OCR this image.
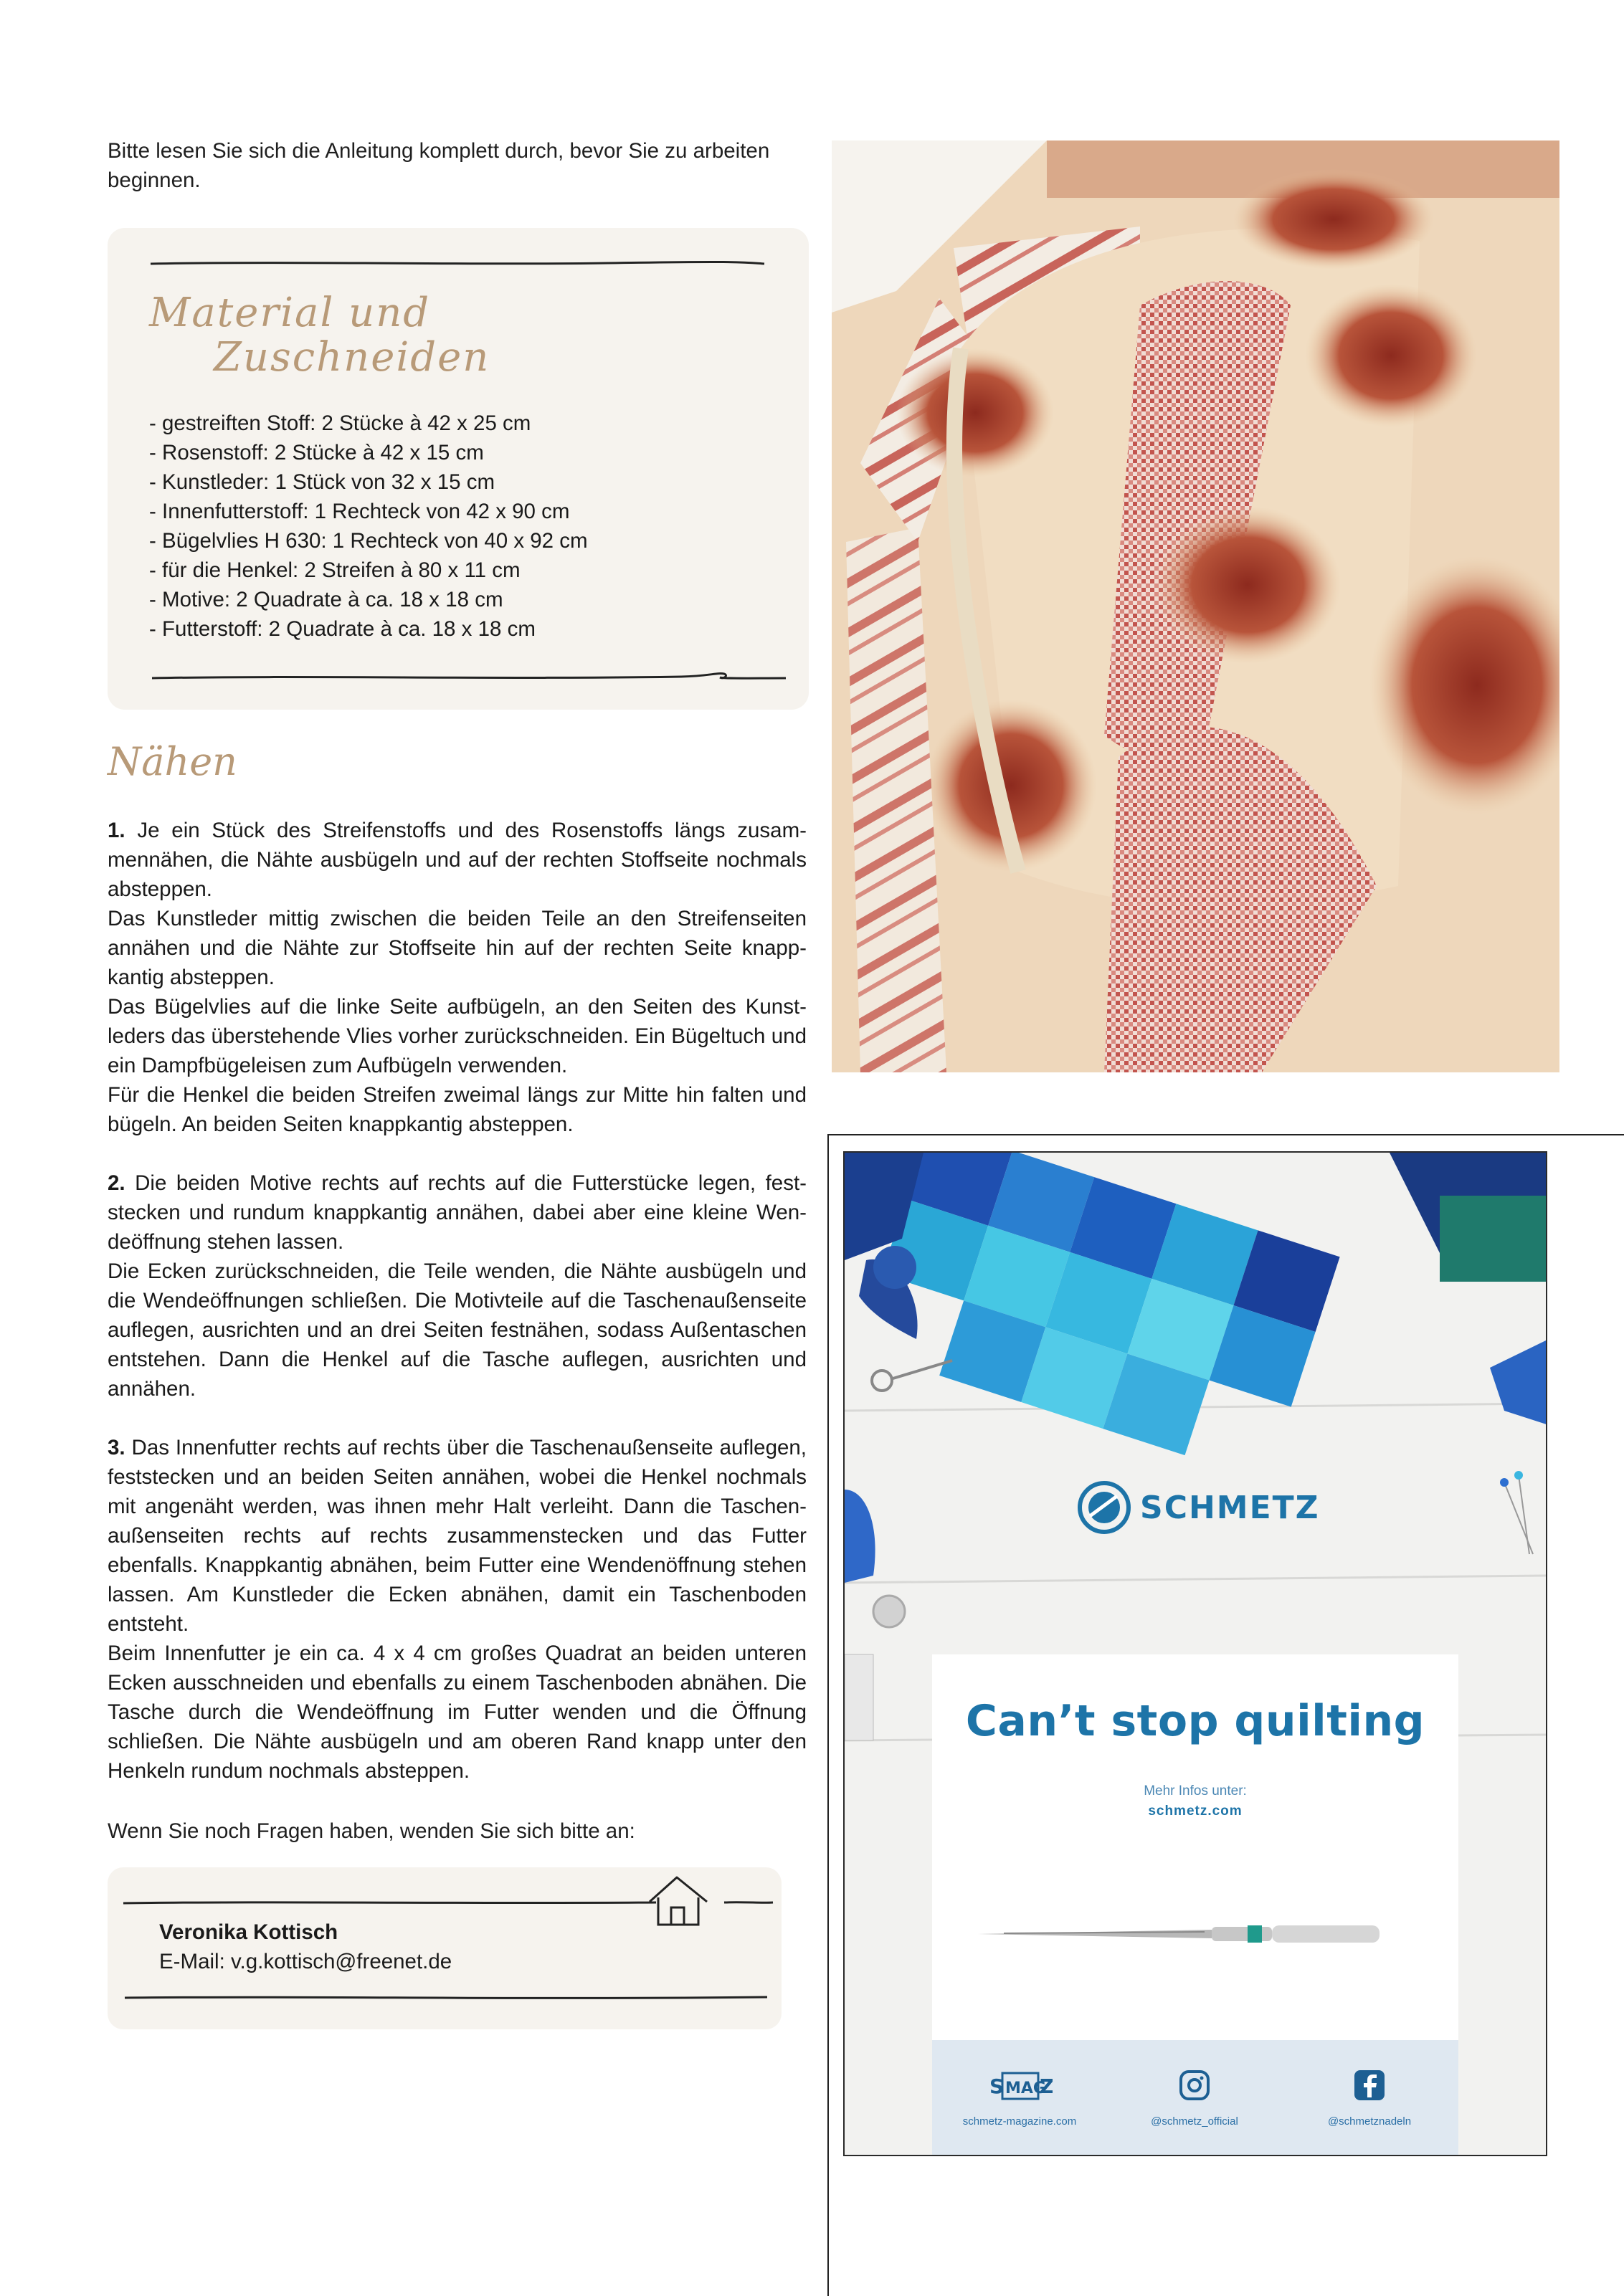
Bitte lesen Sie sich die Anleitung komplett durch, bevor Sie zu arbeiten beginnen.

Material und
Zuschneiden
- gestreiften Stoff: 2 Stücke à 42 x 25 cm
- Rosenstoff: 2 Stücke à 42 x 15 cm
- Kunstleder: 1 Stück von 32 x 15 cm
- Innenfutterstoff: 1 Rechteck von 42 x 90 cm
- Bügelvlies H 630: 1 Rechteck von 40 x 92 cm
- für die Henkel: 2 Streifen à 80 x 11 cm
- Motive: 2 Quadrate à ca. 18 x 18 cm
- Futterstoff: 2 Quadrate à ca. 18 x 18 cm
Nähen

1. Je ein Stück des Streifenstoffs und des Rosenstoffs längs zusammennähen, die Nähte ausbügeln und auf der rechten Stoffseite nochmals absteppen.

Das Kunstleder mittig zwischen die beiden Teile an den Streifenseiten annähen und die Nähte zur Stoffseite hin auf der rechten Seite knappkantig absteppen.

Das Bügelvlies auf die linke Seite aufbügeln, an den Seiten des Kunstleders das überstehende Vlies vorher zurückschneiden. Ein Bügeltuch und ein Dampfbügeleisen zum Aufbügeln verwenden.

Für die Henkel die beiden Streifen zweimal längs zur Mitte hin falten und bügeln. An beiden Seiten knappkantig absteppen.

2. Die beiden Motive rechts auf rechts auf die Futterstücke legen, feststecken und rundum knappkantig annähen, dabei aber eine kleine Wendeöffnung stehen lassen.

Die Ecken zurückschneiden, die Teile wenden, die Nähte ausbügeln und die Wendeöffnungen schließen. Die Motivteile auf die Taschenaußenseite auflegen, ausrichten und an drei Seiten festnähen, sodass Außentaschen entstehen. Dann die Henkel auf die Tasche auflegen, ausrichten und annähen.

3. Das Innenfutter rechts auf rechts über die Taschenaußenseite auflegen, feststecken und an beiden Seiten annähen, wobei die Henkel nochmals mit angenäht werden, was ihnen mehr Halt verleiht. Dann die Taschenaußenseiten rechts auf rechts zusammenstecken und das Futter ebenfalls. Knappkantig abnähen, beim Futter eine Wendenöffnung stehen lassen. Am Kunstleder die Ecken abnähen, damit ein Taschenboden entsteht.

Beim Innenfutter je ein ca. 4 x 4 cm großes Quadrat an beiden unteren Ecken ausschneiden und ebenfalls zu einem Taschenboden abnähen. Die Tasche durch die Wendeöffnung im Futter wenden und die Öffnung schließen. Die Nähte ausbügeln und am oberen Rand knapp unter den Henkeln rundum nochmals absteppen.

Wenn Sie noch Fragen haben, wenden Sie sich bitte an:

Veronika Kottisch
E-Mail: v.g.kottisch@freenet.de
SCHMETZ
Can’t stop quilting
Mehr Infos unter:
schmetz.com
S MAG
schmetz-magazine.com	@schmetz_official	@schmetznadeln
